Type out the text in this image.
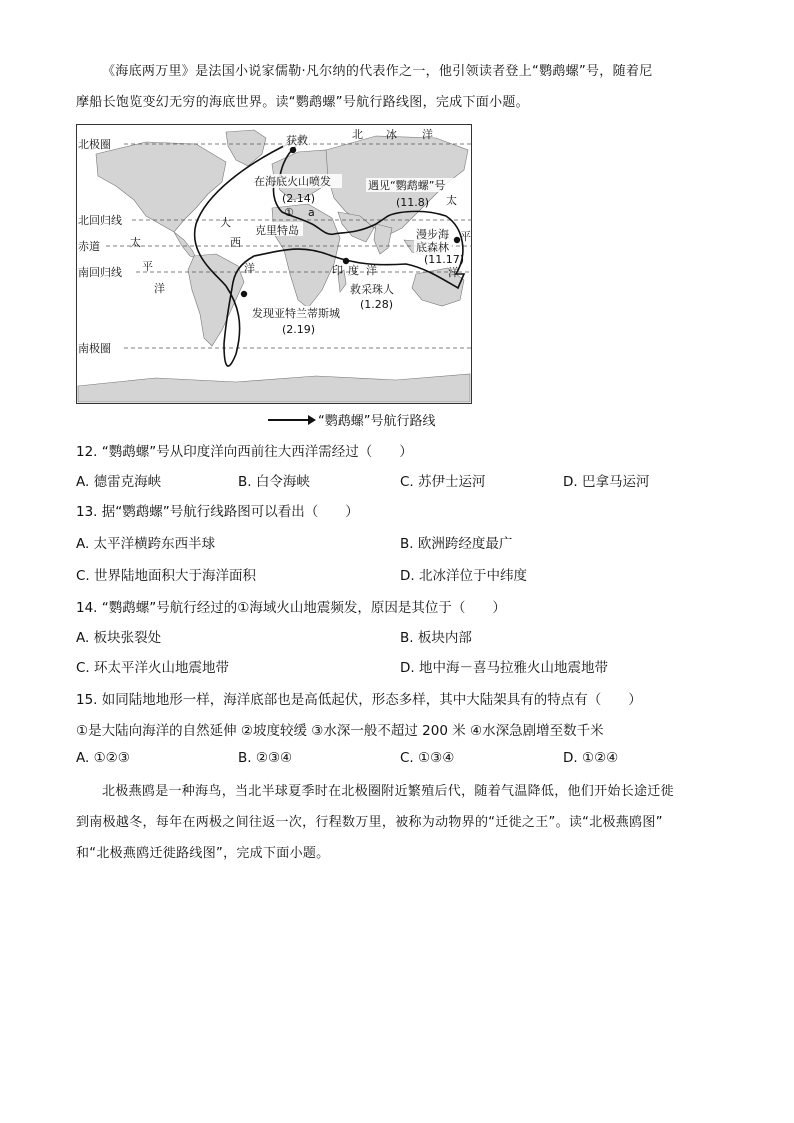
《海底两万里》是法国小说家儒勒·凡尔纳的代表作之一，他引领读者登上“鹦鹉螺”号，随着尼

摩船长饱览变幻无穷的海底世界。读“鹦鹉螺”号航行路线图，完成下面小题。

北极圈
北回归线
赤道
南回归线
南极圈
北 冰 洋
太
平
洋
西
洋
大
太
平
洋
印 度 洋
获救
在海底火山喷发
(2.14)
① a
克里特岛
遇见“鹦鹉螺”号
(11.8)
漫步海
底森林
(11.17)
救采珠人
(1.28)
发现亚特兰蒂斯城
(2.19)
“鹦鹉螺”号航行路线
12. “鹦鹉螺”号从印度洋向西前往大西洋需经过（　　）
A. 德雷克海峡	B. 白令海峡	C. 苏伊士运河	D. 巴拿马运河
13. 据“鹦鹉螺”号航行线路图可以看出（　　）
A. 太平洋横跨东西半球	B. 欧洲跨经度最广
C. 世界陆地面积大于海洋面积	D. 北冰洋位于中纬度
14. “鹦鹉螺”号航行经过的①海域火山地震频发，原因是其位于（　　）
A. 板块张裂处	B. 板块内部
C. 环太平洋火山地震地带	D. 地中海－喜马拉雅火山地震地带
15. 如同陆地地形一样，海洋底部也是高低起伏，形态多样，其中大陆架具有的特点有（　　）
①是大陆向海洋的自然延伸 ②坡度较缓 ③水深一般不超过 200 米 ④水深急剧增至数千米
A. ①②③	B. ②③④	C. ①③④	D. ①②④

北极燕鸥是一种海鸟，当北半球夏季时在北极圈附近繁殖后代，随着气温降低，他们开始长途迁徙

到南极越冬，每年在两极之间往返一次，行程数万里，被称为动物界的“迁徙之王”。读“北极燕鸥图”

和“北极燕鸥迁徙路线图”，完成下面小题。
